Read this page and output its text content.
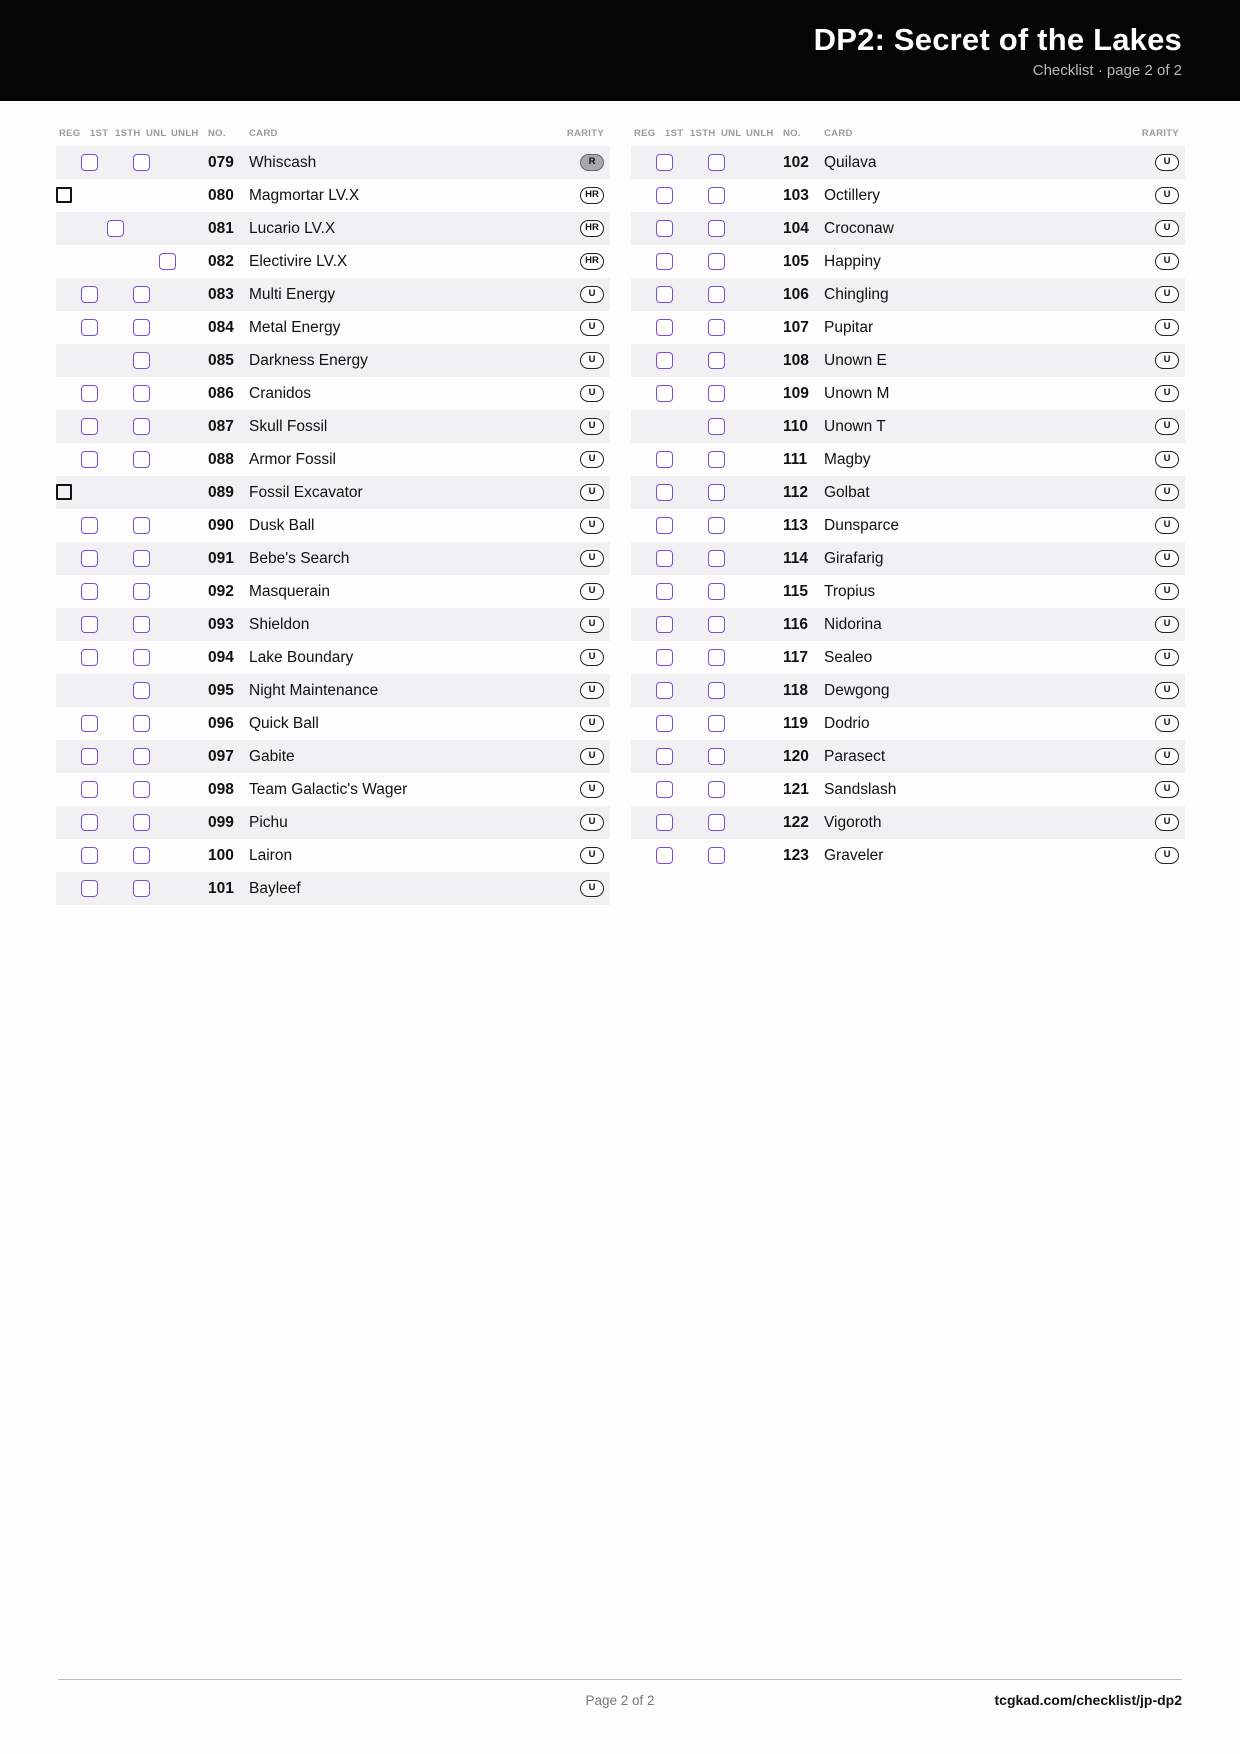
DP2: Secret of the Lakes
Checklist · page 2 of 2
REG 1ST 1STH UNL UNLH NO. CARD	RARITY
079 Whiscash	R
080 Magmortar LV.X	HR
081 Lucario LV.X	HR
082 Electivire LV.X	HR
083 Multi Energy	U
084 Metal Energy	U
085 Darkness Energy	U
086 Cranidos	U
087 Skull Fossil	U
088 Armor Fossil	U
089 Fossil Excavator	U
090 Dusk Ball	U
091 Bebe's Search	U
092 Masquerain	U
093 Shieldon	U
094 Lake Boundary	U
095 Night Maintenance	U
096 Quick Ball	U
097 Gabite	U
098 Team Galactic's Wager	U
099 Pichu	U
100 Lairon	U
101 Bayleef	U
REG 1ST 1STH UNL UNLH NO. CARD	RARITY
102 Quilava	U
103 Octillery	U
104 Croconaw	U
105 Happiny	U
106 Chingling	U
107 Pupitar	U
108 Unown E	U
109 Unown M	U
110 Unown T	U
111 Magby	U
112 Golbat	U
113 Dunsparce	U
114 Girafarig	U
115 Tropius	U
116 Nidorina	U
117 Sealeo	U
118 Dewgong	U
119 Dodrio	U
120 Parasect	U
121 Sandslash	U
122 Vigoroth	U
123 Graveler	U
Page 2 of 2	tcgkad.com/checklist/jp-dp2
